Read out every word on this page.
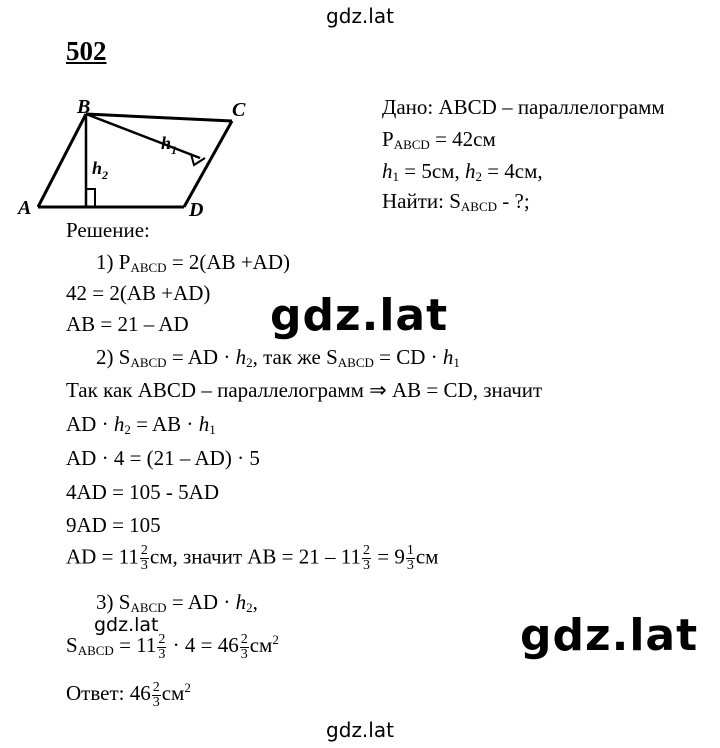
gdz.lat
502
B	C
A	D
h 1
h 2
Дано: ABCD – параллелограмм
$P_{ABCD} = 42см$
$h_1 = 5см$, $h_2 = 4см$,
Найти: $S_{ABCD}$ - ?;
Решение:
1) $P_{ABCD} = 2(AB +AD)$
42 = 2(AB +AD)
AB = 21 – AD
2) $S_{ABCD}$ = AD · $h_2$, так же $S_{ABCD}$ = CD · $h_1$
Так как ABCD – параллелограмм ⇒ AB = CD, значит
AD · $h_2$ = AB · $h_1$
AD · 4 = (21 – AD) · 5
4AD = 105 - 5AD
9AD = 105
AD = $11 \frac{2}{3}$ см, значит AB = $21 - 11 \frac{2}{3} = 9 \frac{1}{3}$ см
3) $S_{ABCD}$ = AD · $h_2$,
$S_{ABCD} = 11 \frac{2}{3} \cdot 4 = 46 \frac{2}{3} см^2$
Ответ: $46 \frac{2}{3} см^2$
gdz.lat
gdz.lat	gdz.lat
gdz.lat
